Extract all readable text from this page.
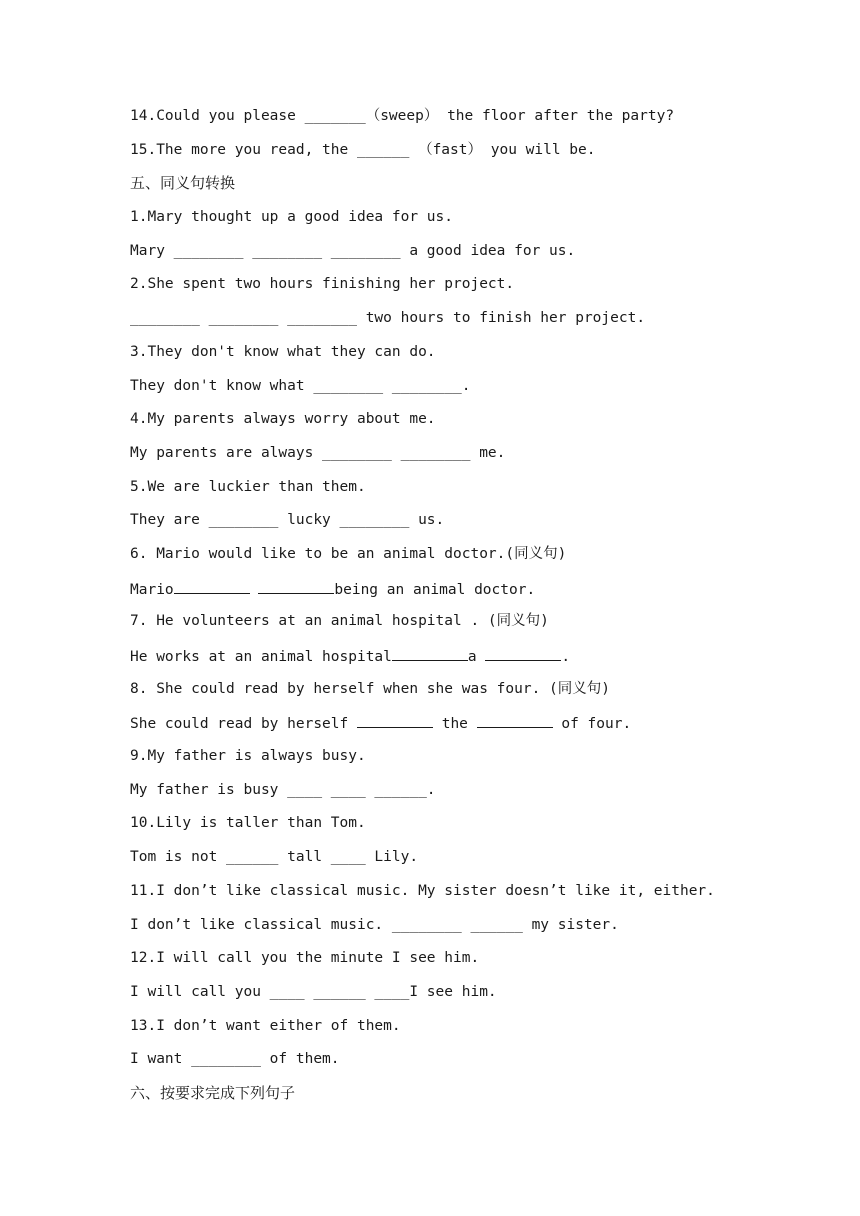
14.Could you please _______（sweep） the floor after the party?
15.The more you read, the ______ （fast） you will be.
五、同义句转换
1.Mary thought up a good idea for us.
Mary ________ ________ ________ a good idea for us.
2.She spent two hours finishing her project.
________ ________ ________ two hours to finish her project.
3.They don't know what they can do.
They don't know what ________ ________.
4.My parents always worry about me.
My parents are always ________ ________ me.
5.We are luckier than them.
They are ________ lucky ________ us.
6. Mario would like to be an animal doctor.(同义句)
Mario	being an animal doctor.
7. He volunteers at an animal hospital . (同义句)
He works at an animal hospital	a	.
8. She could read by herself when she was four. (同义句)
She could read by herself	the	of four.
9.My father is always busy.
My father is busy ____ ____ ______.
10.Lily is taller than Tom.
Tom is not ______ tall ____ Lily.
11.I don’t like classical music. My sister doesn’t like it, either.
I don’t like classical music. ________ ______ my sister.
12.I will call you the minute I see him.
I will call you ____ ______ ____I see him.
13.I don’t want either of them.
I want ________ of them.
六、按要求完成下列句子
